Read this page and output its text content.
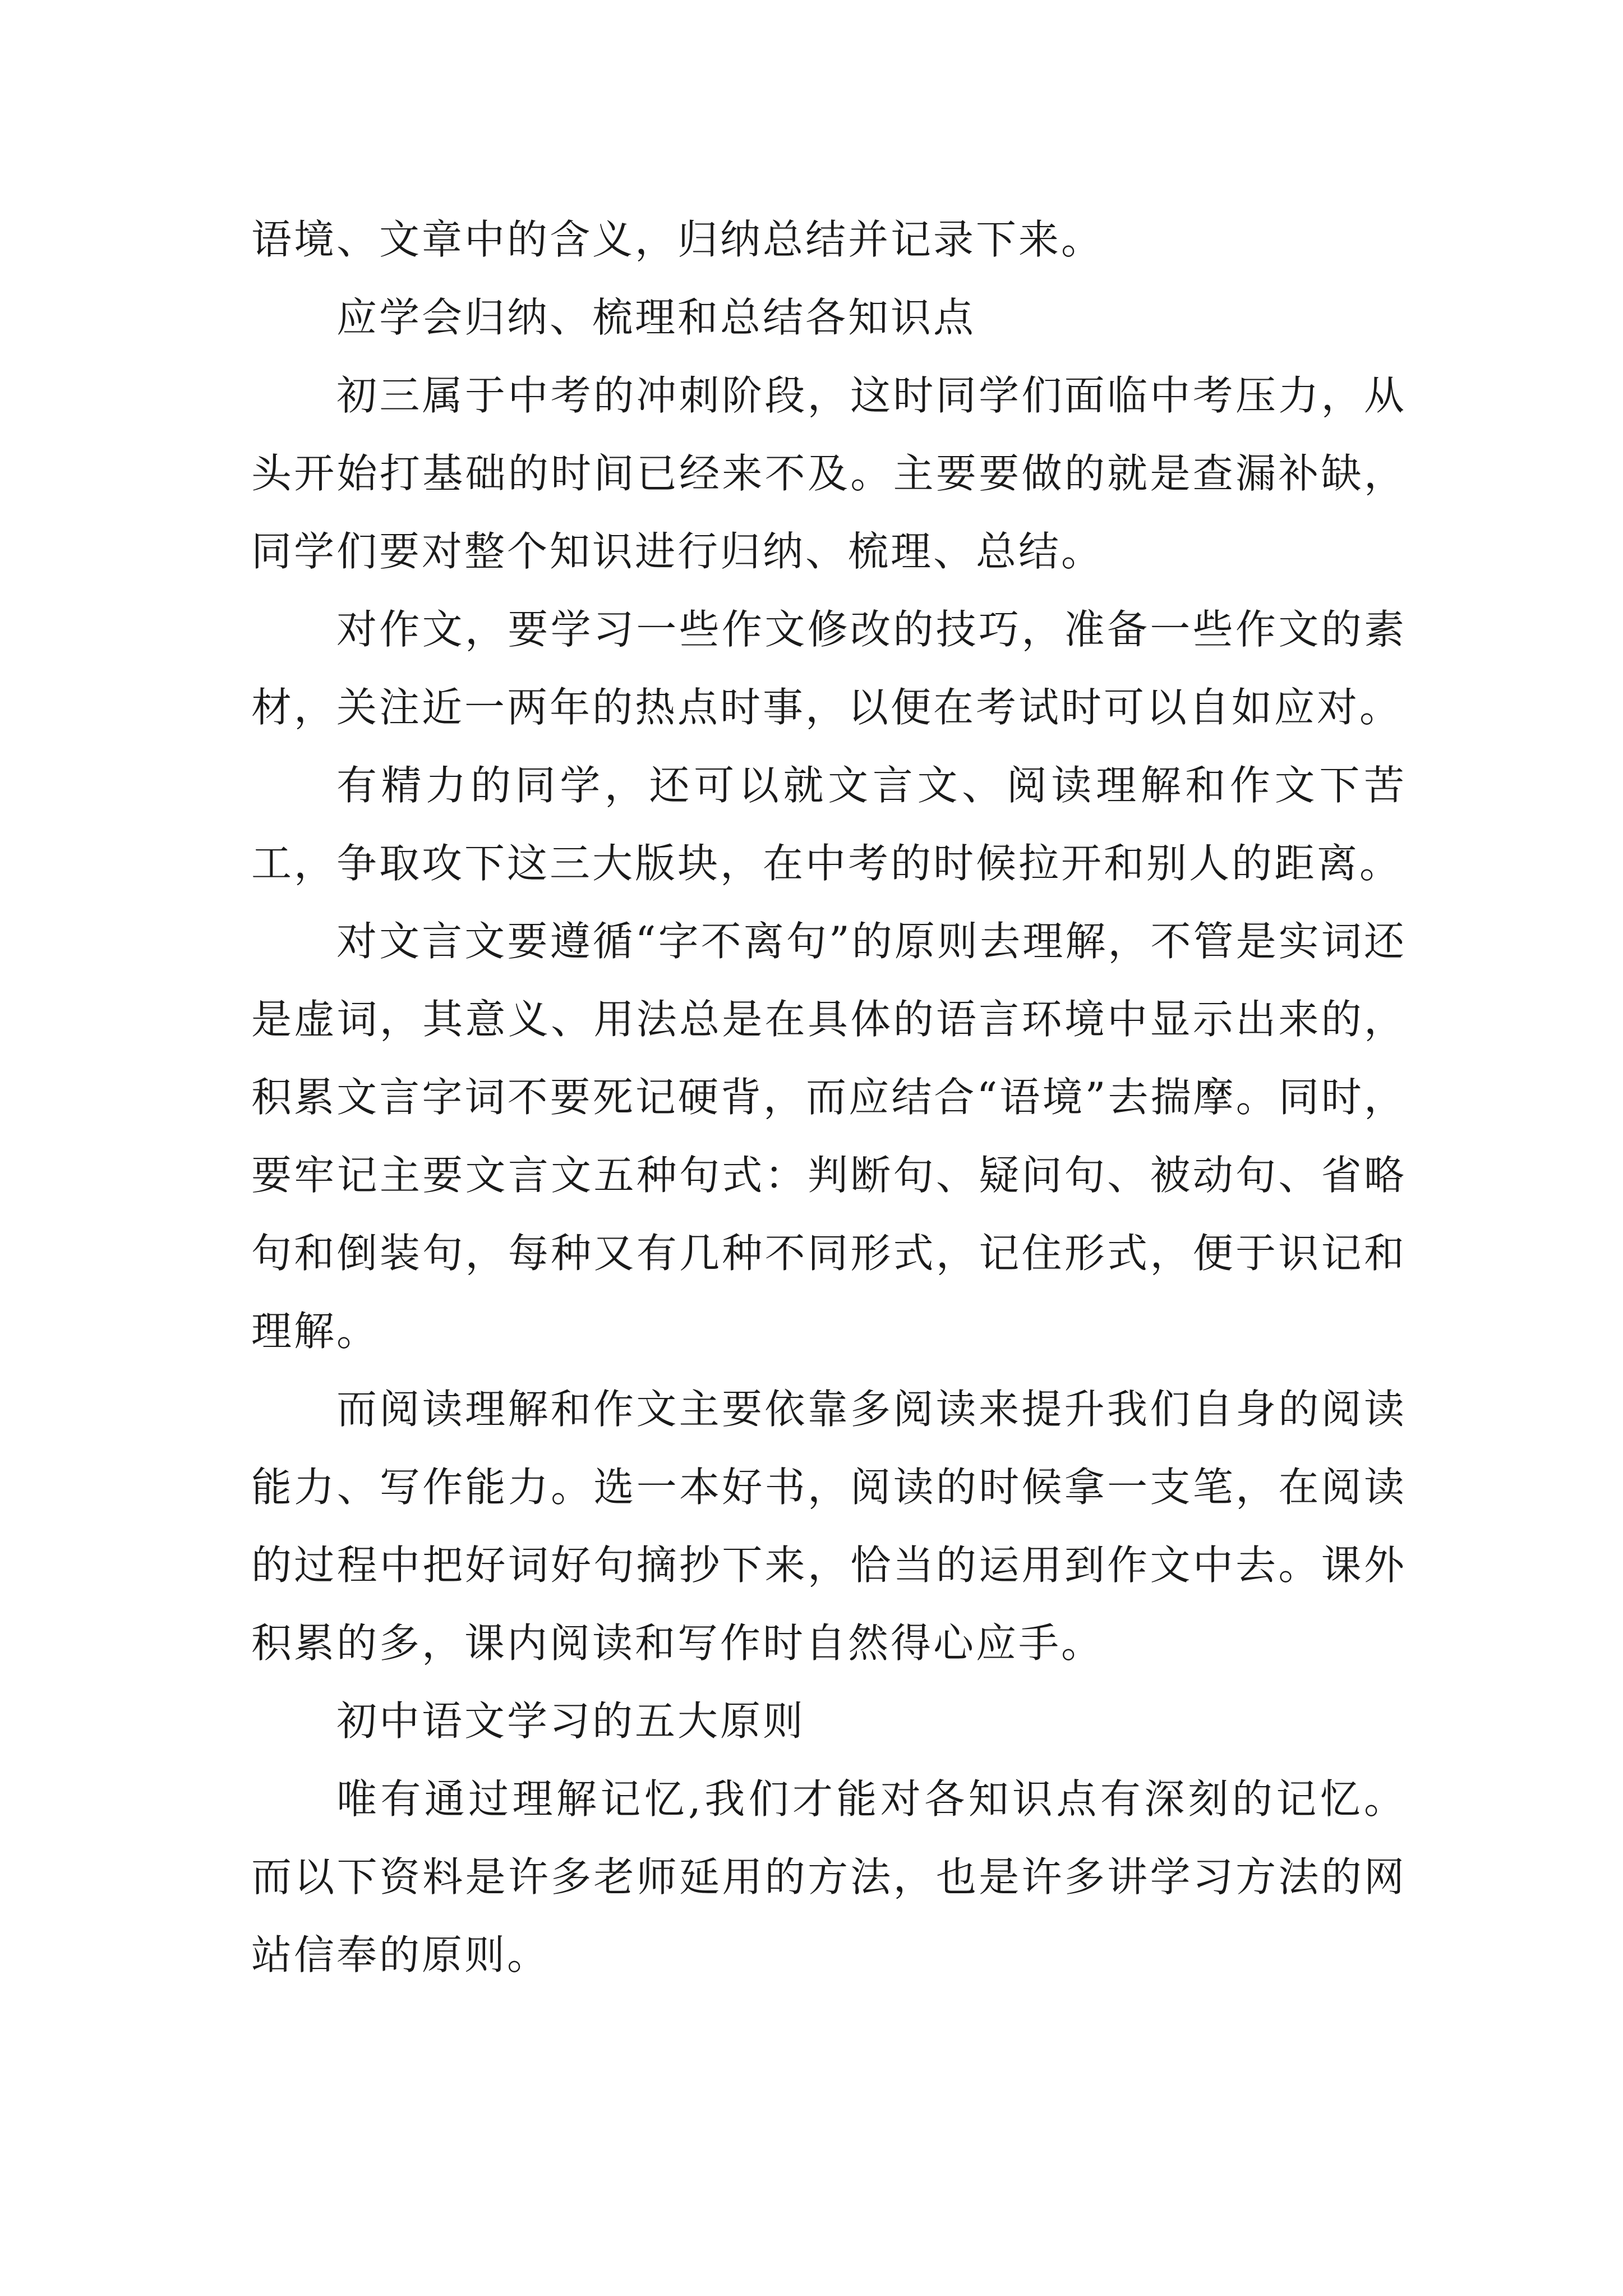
语境、文章中的含义，归纳总结并记录下来。

应学会归纳、梳理和总结各知识点

初三属于中考的冲刺阶段，这时同学们面临中考压力，从头开始打基础的时间已经来不及。主要要做的就是查漏补缺，同学们要对整个知识进行归纳、梳理、总结。

对作文，要学习一些作文修改的技巧，准备一些作文的素材，关注近一两年的热点时事，以便在考试时可以自如应对。

有精力的同学，还可以就文言文、阅读理解和作文下苦工，争取攻下这三大版块，在中考的时候拉开和别人的距离。

对文言文要遵循“字不离句”的原则去理解，不管是实词还是虚词，其意义、用法总是在具体的语言环境中显示出来的，积累文言字词不要死记硬背，而应结合“语境”去揣摩。同时，要牢记主要文言文五种句式：判断句、疑问句、被动句、省略句和倒装句，每种又有几种不同形式，记住形式，便于识记和理解。

而阅读理解和作文主要依靠多阅读来提升我们自身的阅读能力、写作能力。选一本好书，阅读的时候拿一支笔，在阅读的过程中把好词好句摘抄下来，恰当的运用到作文中去。课外积累的多，课内阅读和写作时自然得心应手。

初中语文学习的五大原则

唯有通过理解记忆,我们才能对各知识点有深刻的记忆。而以下资料是许多老师延用的方法，也是许多讲学习方法的网站信奉的原则。
